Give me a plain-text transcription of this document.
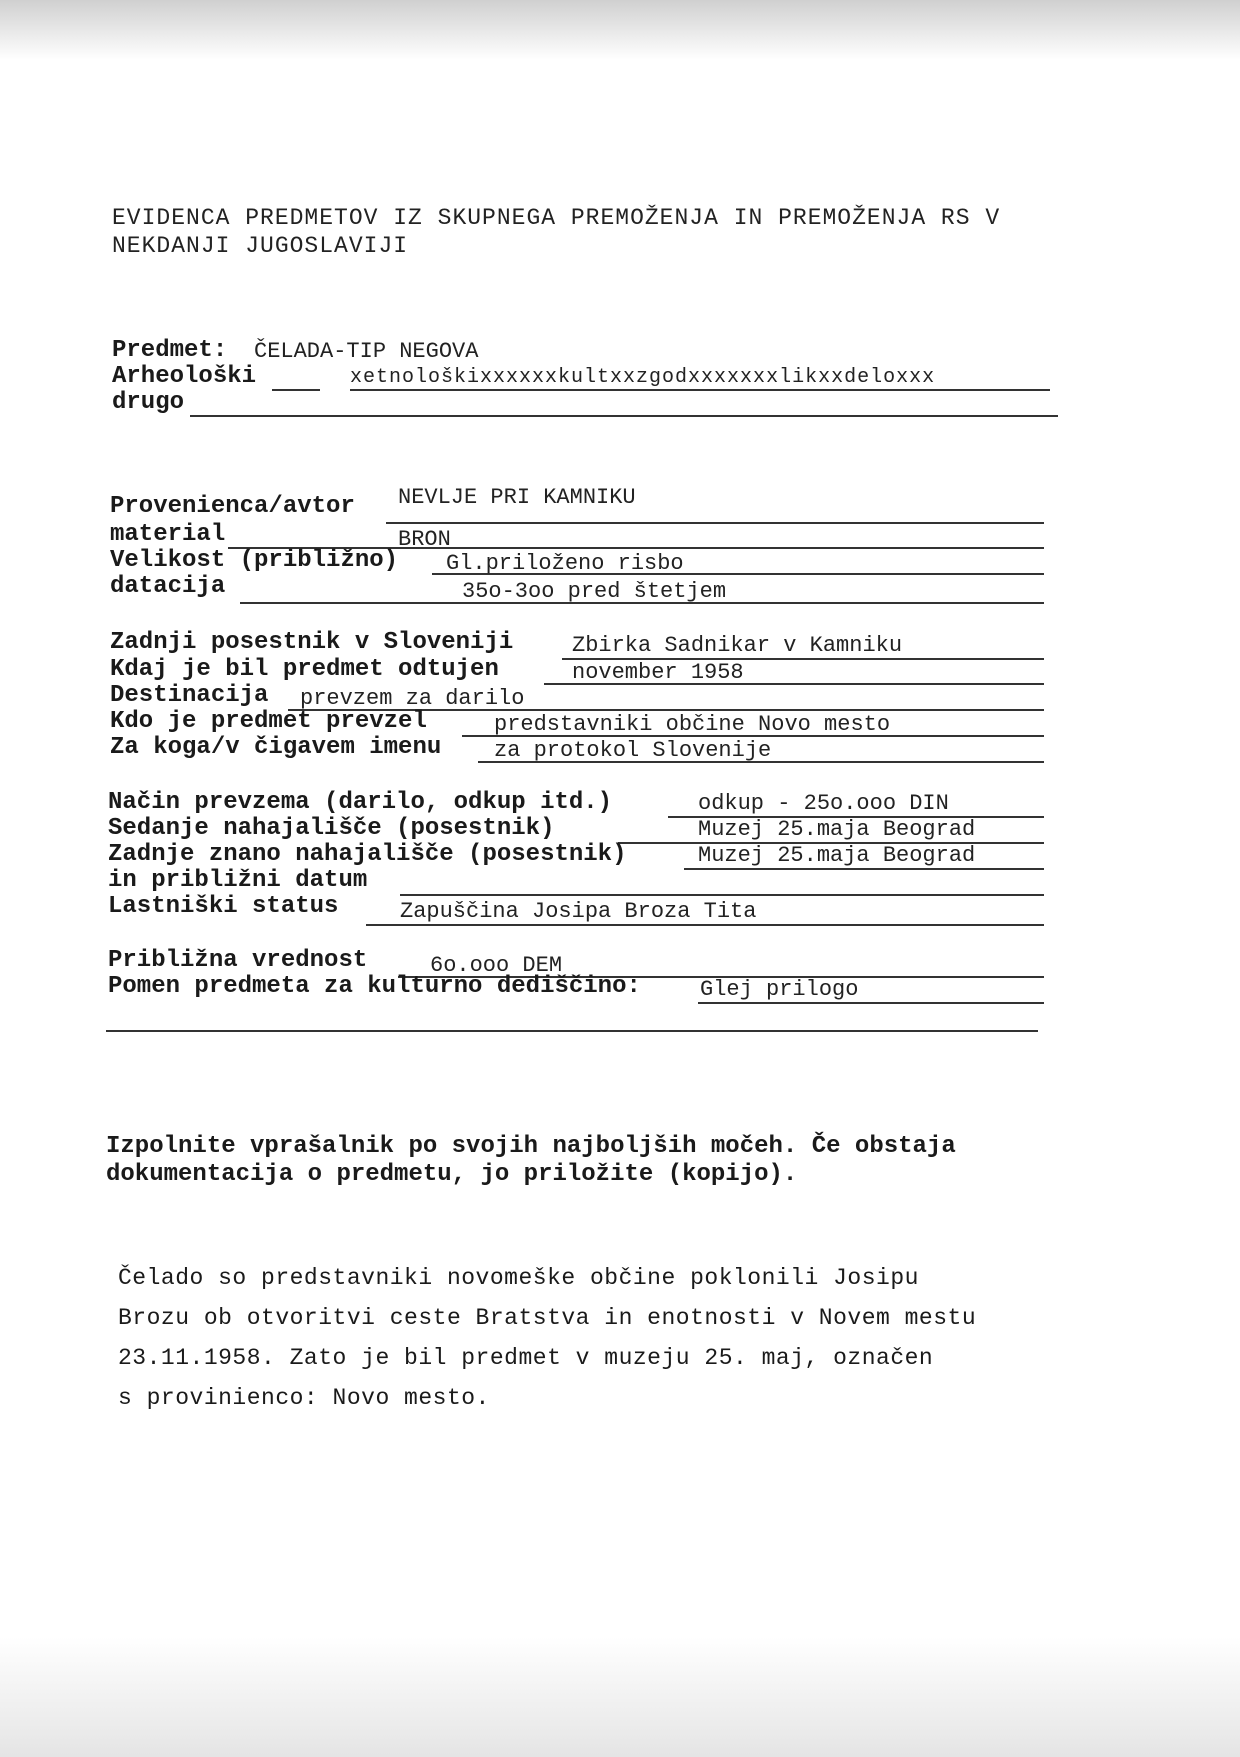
EVIDENCA PREDMETOV IZ SKUPNEGA PREMOŽENJA IN PREMOŽENJA RS V
NEKDANJI JUGOSLAVIJI
Predmet: ČELADA-TIP NEGOVA
Arheološki	xetnološkixxxxxxkultxxzgodxxxxxxxlikxxdeloxxx
drugo
Provenienca/avtor NEVLJE PRI KAMNIKU
material	BRON
Velikost (približno) Gl.priloženo risbo
datacija	35o-3oo pred štetjem
Zadnji posestnik v Sloveniji	Zbirka Sadnikar v Kamniku
Kdaj je bil predmet odtujen	november 1958
Destinacija prevzem za darilo
Kdo je predmet prevzel	predstavniki občine Novo mesto
Za koga/v čigavem imenu za protokol Slovenije
Način prevzema (darilo, odkup itd.)	odkup - 25o.ooo DIN
Sedanje nahajališče (posestnik)	Muzej 25.maja Beograd
Zadnje znano nahajališče (posestnik)	Muzej 25.maja Beograd
in približni datum
Lastniški status	Zapuščina Josipa Broza Tita
Približna vrednost	6o.ooo DEM
Pomen predmeta za kulturno dediščino:	Glej prilogo
Izpolnite vprašalnik po svojih najboljših močeh. Če obstaja
dokumentacija o predmetu, jo priložite (kopijo).
Čelado so predstavniki novomeške občine poklonili Josipu
Brozu ob otvoritvi ceste Bratstva in enotnosti v Novem mestu
23.11.1958. Zato je bil predmet v muzeju 25. maj, označen
s provinienco: Novo mesto.
